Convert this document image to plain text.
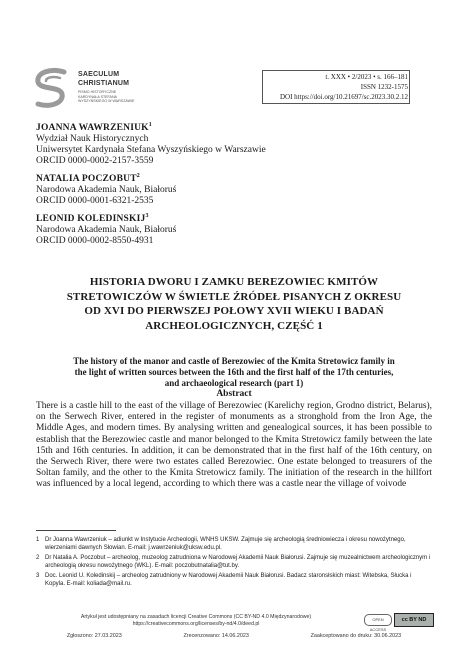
SAECULUM
CHRISTIANUM
PISMO HISTORYCZNE KARDYNAŁA STEFANA WYSZYŃSKIEGO W WARSZAWIE
t. XXX • 2/2023 • s. 166–181
ISSN 1232-1575
DOI https://doi.org/10.21697/sc.2023.30.2.12
JOANNA WAWRZENIUK$^1$
Wydział Nauk Historycznych
Uniwersytet Kardynała Stefana Wyszyńskiego w Warszawie
ORCID 0000-0002-2157-3559
NATALIA POCZOBUT$^2$
Narodowa Akademia Nauk, Białoruś
ORCID 0000-0001-6321-2535
LEONID KOLEDINSKIJ$^3$
Narodowa Akademia Nauk, Białoruś
ORCID 0000-0002-8550-4931
HISTORIA DWORU I ZAMKU BEREZOWIEC KMITÓW
STRETOWICZÓW W ŚWIETLE ŹRÓDEŁ PISANYCH Z OKRESU
OD XVI DO PIERWSZEJ POŁOWY XVII WIEKU I BADAŃ
ARCHEOLOGICZNYCH, CZĘŚĆ 1
The history of the manor and castle of Berezowiec of the Kmita Stretowicz family in
the light of written sources between the 16th and the first half of the 17th centuries,
and archaeological research (part 1)
Abstract

There is a castle hill to the east of the village of Berezowiec (Karelichy region, Grodno district, Belarus), on the Serwech River, entered in the register of monuments as a stronghold from the Iron Age, the Middle Ages, and modern times. By analysing written and genealogical sources, it has been possible to establish that the Berezowiec castle and manor belonged to the Kmita Stretowicz family between the late 15th and 16th centuries. In addition, it can be demonstrated that in the first half of the 16th century, on the Serwech River, there were two estates called Berezowiec. One estate belonged to treasurers of the Soltan family, and the other to the Kmita Stretowicz family. The initiation of the research in the hillfort was influenced by a local legend, according to which there was a castle near the village of voivode

1 Dr Joanna Wawrzeniuk – adiunkt w Instytucie Archeologii, WNHS UKSW. Zajmuje się archeologią średniowiecza i okresu nowożytnego, wierzeniami dawnych Słowian. E-mail: j.wawrzeniuk@uksw.edu.pl.
2 Dr Natalia A. Poczobut – archeolog, muzeolog zatrudniona w Narodowej Akademii Nauk Białorusi. Zajmuje się muzealnictwem archeologicznym i archeologią okresu nowożytnego (WKL). E-mail: poczobutnatalia@tut.by.
3 Doc. Leonid U. Koledinskij – archeolog zatrudniony w Narodowej Akademii Nauk Białorusi. Badacz staronsłskich miast: Witebska, Słucka i Kopyla. E-mail: koliada@mail.ru.
Artykuł jest udostępniany na zasadach licencji Creative Commons (CC BY-ND 4.0 Międzynarodowe)
https://creativecommons.org/licenses/by-nd/4.0/deed.pl
OPEN ACCESS
cc BY ND
Zgłoszono: 27.03.2023	Zrecenzowano: 14.06.2023	Zaakceptowano do druku: 30.06.2023
